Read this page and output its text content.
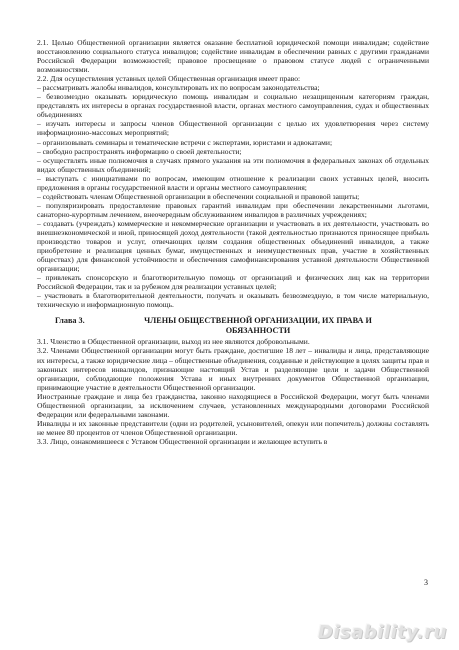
2.1. Целью Общественной организации является оказание бесплатной юридической помощи инвалидам; содействие восстановлению социального статуса инвалидов; содействие инвалидам в обеспечении равных с другими гражданами Российской Федерации возможностей; правовое просвещение о правовом статусе людей с ограниченными возможностями.

2.2. Для осуществления уставных целей Общественная организация имеет право:

– рассматривать жалобы инвалидов, консультировать их по вопросам законодательства;

– безвозмездно оказывать юридическую помощь инвалидам и социально незащищенным категориям граждан, представлять их интересы в органах государственной власти, органах местного самоуправления, судах и общественных объединениях

– изучать интересы и запросы членов Общественной организации с целью их удовлетворения через систему информационно-массовых мероприятий;

– организовывать семинары и тематические встречи с экспертами, юристами и адвокатами;

– свободно распространять информацию о своей деятельности;

– осуществлять иные полномочия в случаях прямого указания на эти полномочия в федеральных законах об отдельных видах общественных объединений;

– выступать с инициативами по вопросам, имеющим отношение к реализации своих уставных целей, вносить предложения в органы государственной власти и органы местного самоуправления;

– содействовать членам Общественной организации в обеспечении социальной и правовой защиты;

– популяризировать предоставление правовых гарантий инвалидам при обеспечении лекарственными льготами, санаторно-курортным лечением, внеочередным обслуживанием инвалидов в различных учреждениях;

– создавать (учреждать) коммерческие и некоммерческие организации и участвовать в их деятельности, участвовать во внешнеэкономической и иной, приносящей доход деятельности (такой деятельностью признаются приносящее прибыль производство товаров и услуг, отвечающих целям создания общественных объединений инвалидов, а также приобретение и реализация ценных бумаг, имущественных и неимущественных прав, участие в хозяйственных обществах) для финансовой устойчивости и обеспечения самофинансирования уставной деятельности Общественной организации;

– привлекать спонсорскую и благотворительную помощь от организаций и физических лиц как на территории Российской Федерации, так и за рубежом для реализации уставных целей;

– участвовать в благотворительной деятельности, получать и оказывать безвозмездную, в том числе материальную, техническую и информационную помощь.

Глава 3.	ЧЛЕНЫ ОБЩЕСТВЕННОЙ ОРГАНИЗАЦИИ, ИХ ПРАВА И ОБЯЗАННОСТИ

3.1. Членство в Общественной организации, выход из нее являются добровольными.

3.2. Членами Общественной организации могут быть граждане, достигшие 18 лет – инвалиды и лица, представляющие их интересы, а также юридические лица – общественные объединения, созданные и действующие в целях защиты прав и законных интересов инвалидов, признающие настоящий Устав и разделяющие цели и задачи Общественной организации, соблюдающие положения Устава и иных внутренних документов Общественной организации, принимающие участие в деятельности Общественной организации.

Иностранные граждане и лица без гражданства, законно находящиеся в Российской Федерации, могут быть членами Общественной организации, за исключением случаев, установленных международными договорами Российской Федерации или федеральными законами.

Инвалиды и их законные представители (одни из родителей, усыновителей, опекун или попечитель) должны составлять не менее 80 процентов от членов Общественной организации.

3.3. Лицо, ознакомившееся с Уставом Общественной организации и желающее вступить в

3
Disability.ru
